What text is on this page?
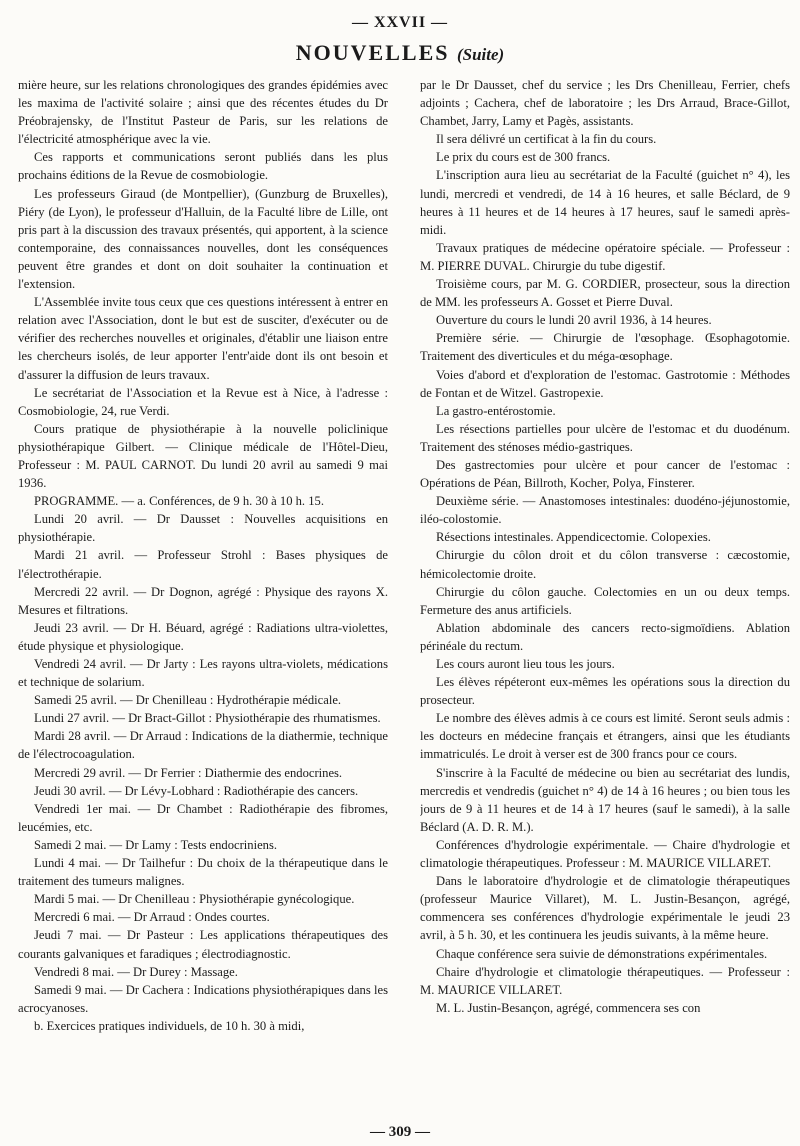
— XXVII —
NOUVELLES (Suite)

mière heure, sur les relations chronologiques des grandes épidémies avec les maxima de l'activité solaire ; ainsi que des récentes études du Dr Préobrajensky, de l'Institut Pasteur de Paris, sur les relations de l'électricité atmosphérique avec la vie.

Ces rapports et communications seront publiés dans les plus prochains éditions de la Revue de cosmobiologie.

Les professeurs Giraud (de Montpellier), (Gunzburg de Bruxelles), Piéry (de Lyon), le professeur d'Halluin, de la Faculté libre de Lille, ont pris part à la discussion des travaux présentés, qui apportent, à la science contemporaine, des connaissances nouvelles, dont les conséquences peuvent être grandes et dont on doit souhaiter la continuation et l'extension.

L'Assemblée invite tous ceux que ces questions intéressent à entrer en relation avec l'Association, dont le but est de susciter, d'exécuter ou de vérifier des recherches nouvelles et originales, d'établir une liaison entre les chercheurs isolés, de leur apporter l'entr'aide dont ils ont besoin et d'assurer la diffusion de leurs travaux.

Le secrétariat de l'Association et la Revue est à Nice, à l'adresse : Cosmobiologie, 24, rue Verdi.

Cours pratique de physiothérapie à la nouvelle policlinique physiothérapique Gilbert. — Clinique médicale de l'Hôtel-Dieu, Professeur : M. PAUL CARNOT. Du lundi 20 avril au samedi 9 mai 1936.

PROGRAMME. — a. Conférences, de 9 h. 30 à 10 h. 15.

Lundi 20 avril. — Dr Dausset : Nouvelles acquisitions en physiothérapie.

Mardi 21 avril. — Professeur Strohl : Bases physiques de l'électrothérapie.

Mercredi 22 avril. — Dr Dognon, agrégé : Physique des rayons X. Mesures et filtrations.

Jeudi 23 avril. — Dr H. Béuard, agrégé : Radiations ultra-violettes, étude physique et physiologique.

Vendredi 24 avril. — Dr Jarty : Les rayons ultra-violets, médications et technique de solarium.

Samedi 25 avril. — Dr Chenilleau : Hydrothérapie médicale.

Lundi 27 avril. — Dr Bract-Gillot : Physiothérapie des rhumatismes.

Mardi 28 avril. — Dr Arraud : Indications de la diathermie, technique de l'électrocoagulation.

Mercredi 29 avril. — Dr Ferrier : Diathermie des endocrines.

Jeudi 30 avril. — Dr Lévy-Lobhard : Radiothérapie des cancers.

Vendredi 1er mai. — Dr Chambet : Radiothérapie des fibromes, leucémies, etc.

Samedi 2 mai. — Dr Lamy : Tests endocriniens.

Lundi 4 mai. — Dr Tailhefur : Du choix de la thérapeutique dans le traitement des tumeurs malignes.

Mardi 5 mai. — Dr Chenilleau : Physiothérapie gynécologique.

Mercredi 6 mai. — Dr Arraud : Ondes courtes.

Jeudi 7 mai. — Dr Pasteur : Les applications thérapeutiques des courants galvaniques et faradiques ; électrodiagnostic.

Vendredi 8 mai. — Dr Durey : Massage.

Samedi 9 mai. — Dr Cachera : Indications physiothérapiques dans les acrocyanoses.

b. Exercices pratiques individuels, de 10 h. 30 à midi,

par le Dr Dausset, chef du service ; les Drs Chenilleau, Ferrier, chefs adjoints ; Cachera, chef de laboratoire ; les Drs Arraud, Brace-Gillot, Chambet, Jarry, Lamy et Pagès, assistants.

Il sera délivré un certificat à la fin du cours.

Le prix du cours est de 300 francs.

L'inscription aura lieu au secrétariat de la Faculté (guichet n° 4), les lundi, mercredi et vendredi, de 14 à 16 heures, et salle Béclard, de 9 heures à 11 heures et de 14 heures à 17 heures, sauf le samedi après-midi.

Travaux pratiques de médecine opératoire spéciale. — Professeur : M. PIERRE DUVAL. Chirurgie du tube digestif.

Troisième cours, par M. G. CORDIER, prosecteur, sous la direction de MM. les professeurs A. Gosset et Pierre Duval.

Ouverture du cours le lundi 20 avril 1936, à 14 heures.

Première série. — Chirurgie de l'œsophage. Œsophagotomie. Traitement des diverticules et du méga-œsophage.

Voies d'abord et d'exploration de l'estomac. Gastrotomie : Méthodes de Fontan et de Witzel. Gastropexie.

La gastro-entérostomie.

Les résections partielles pour ulcère de l'estomac et du duodénum. Traitement des sténoses médio-gastriques.

Des gastrectomies pour ulcère et pour cancer de l'estomac : Opérations de Péan, Billroth, Kocher, Polya, Finsterer.

Deuxième série. — Anastomoses intestinales: duodéno-jéjunostomie, iléo-colostomie.

Résections intestinales. Appendicectomie. Colopexies.

Chirurgie du côlon droit et du côlon transverse : cæcostomie, hémicolectomie droite.

Chirurgie du côlon gauche. Colectomies en un ou deux temps. Fermeture des anus artificiels.

Ablation abdominale des cancers recto-sigmoïdiens. Ablation périnéale du rectum.

Les cours auront lieu tous les jours.

Les élèves répéteront eux-mêmes les opérations sous la direction du prosecteur.

Le nombre des élèves admis à ce cours est limité. Seront seuls admis : les docteurs en médecine français et étrangers, ainsi que les étudiants immatriculés. Le droit à verser est de 300 francs pour ce cours.

S'inscrire à la Faculté de médecine ou bien au secrétariat des lundis, mercredis et vendredis (guichet n° 4) de 14 à 16 heures ; ou bien tous les jours de 9 à 11 heures et de 14 à 17 heures (sauf le samedi), à la salle Béclard (A. D. R. M.).

Conférences d'hydrologie expérimentale. — Chaire d'hydrologie et climatologie thérapeutiques. Professeur : M. MAURICE VILLARET.

Dans le laboratoire d'hydrologie et de climatologie thérapeutiques (professeur Maurice Villaret), M. L. Justin-Besançon, agrégé, commencera ses conférences d'hydrologie expérimentale le jeudi 23 avril, à 5 h. 30, et les continuera les jeudis suivants, à la même heure.

Chaque conférence sera suivie de démonstrations expérimentales.

Chaire d'hydrologie et climatologie thérapeutiques. — Professeur : M. MAURICE VILLARET.

M. L. Justin-Besançon, agrégé, commencera ses con

— 309 —
